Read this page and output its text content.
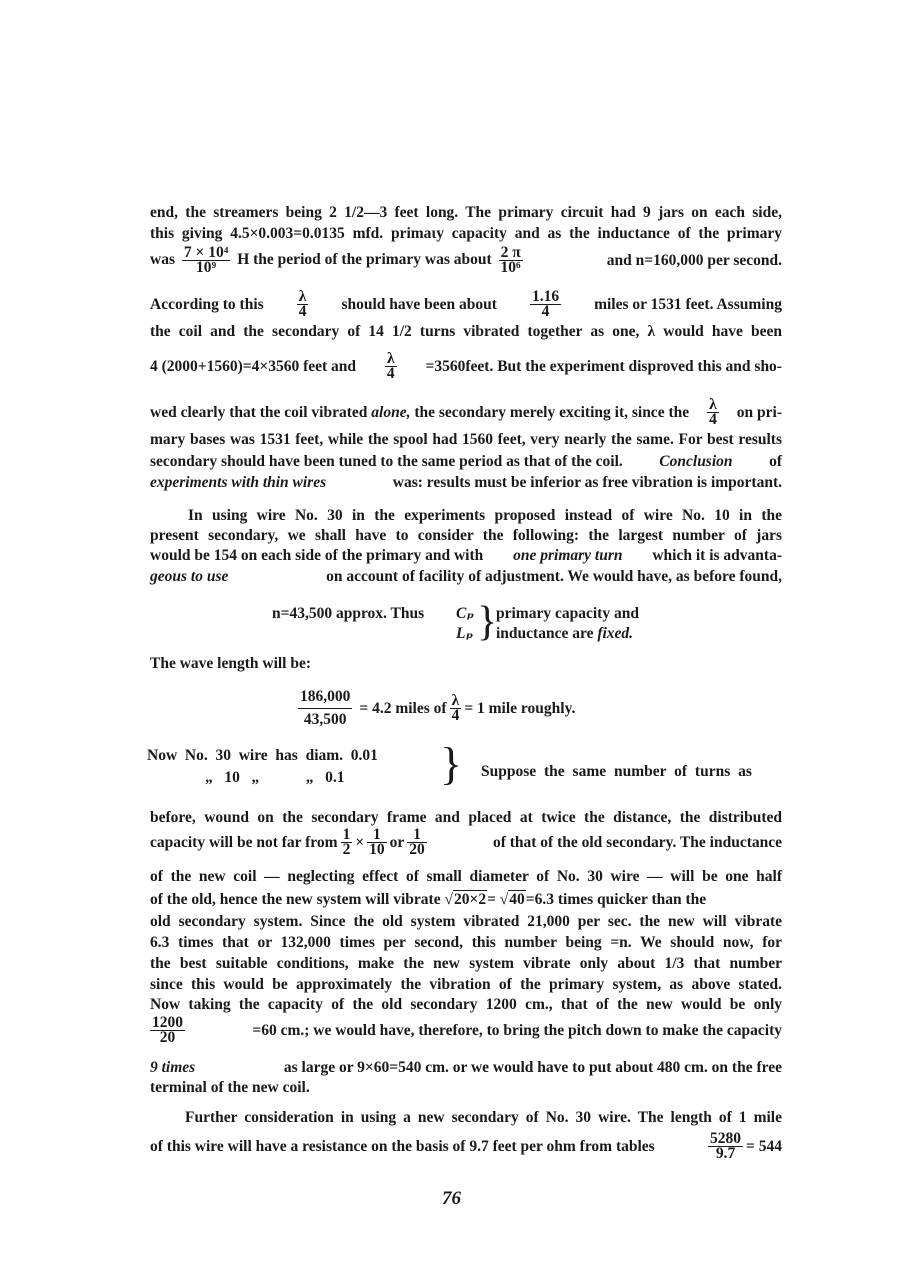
end, the streamers being 2 1/2—3 feet long. The primary circuit had 9 jars on each side,
this giving 4.5×0.003=0.0135 mfd. primaιy capacity and as the inductance of the primary
was $\frac{\text{7 × 10⁴}}{\text{10⁹}}$ H the period of the primary was about $\frac{2 \pi}{\text{10⁶}}$	and n=160,000 per second.
According to this $\frac{\lambda}{4}$ should have been about $\frac{1.16}{4}$ miles or 1531 feet. Assuming
the coil and the secondary of 14 1/2 turns vibrated together as one, λ would have been
4 (2000+1560)=4×3560 feet and $\frac{\lambda}{4}$ =3560feet. But the experiment disproved this and sho-
wed clearly that the coil vibrated alone, the secondary merely exciting it, since the $\frac{\lambda}{4}$ on pri-
mary bases was 1531 feet, while the spool had 1560 feet, very nearly the same. For best results
secondary should have been tuned to the same period as that of the coil. Conclusion of
experiments with thin wires	was: results must be inferior as free vibration is important.
In using wire No. 30 in the experiments proposed instead of wire No. 10 in the
present secondary, we shall have to consider the following: the largest number of jars
would be 154 on each side of the primary and with one primary turn which it is advanta-
geous to use	on account of facility of adjustment. We would have, as before found,
n=43,500 approx. Thus Cₚ
Lₚ }
primary capacity and
inductance are fixed.
The wave length will be:
$\frac{186,000}{43,500} = 4.2$ miles of $\frac{\lambda}{4} = 1$ mile roughly.
Now  No.  30  wire  has  diam.  0.01
„   10   „            „   0.1 } Suppose the same number of turns as
before, wound on the secondary frame and placed at twice the distance, the distributed
capacity will be not far from $\frac{1}{2} \times \frac{1}{10}$ or $\frac{1}{20}$	of that of the old secondary. The inductance
of the new coil — neglecting effect of small diameter of No. 30 wire — will be one half
of the old, hence the new system will vibrate √20×2= √40=6.3 times quicker than the
old secondary system. Since the old system vibrated 21,000 per sec. the new will vibrate
6.3 times that or 132,000 times per second, this number being =n. We should now, for
the best suitable conditions, make the new system vibrate only about 1/3 that number
since this would be approximately the vibration of the primary system, as above stated.
Now taking the capacity of the old secondary 1200 cm., that of the new would be only
$\frac{1200}{20}$	=60 cm.; we would have, therefore, to bring the pitch down to make the capacity
9 times	as large or 9×60=540 cm. or we would have to put about 480 cm. on the free
terminal of the new coil.
Further consideration in using a new secondary of No. 30 wire. The length of 1 mile
of this wire will have a resistance on the basis of 9.7 feet per ohm from tables	$\frac{5280}{9.7} = 544$
76
